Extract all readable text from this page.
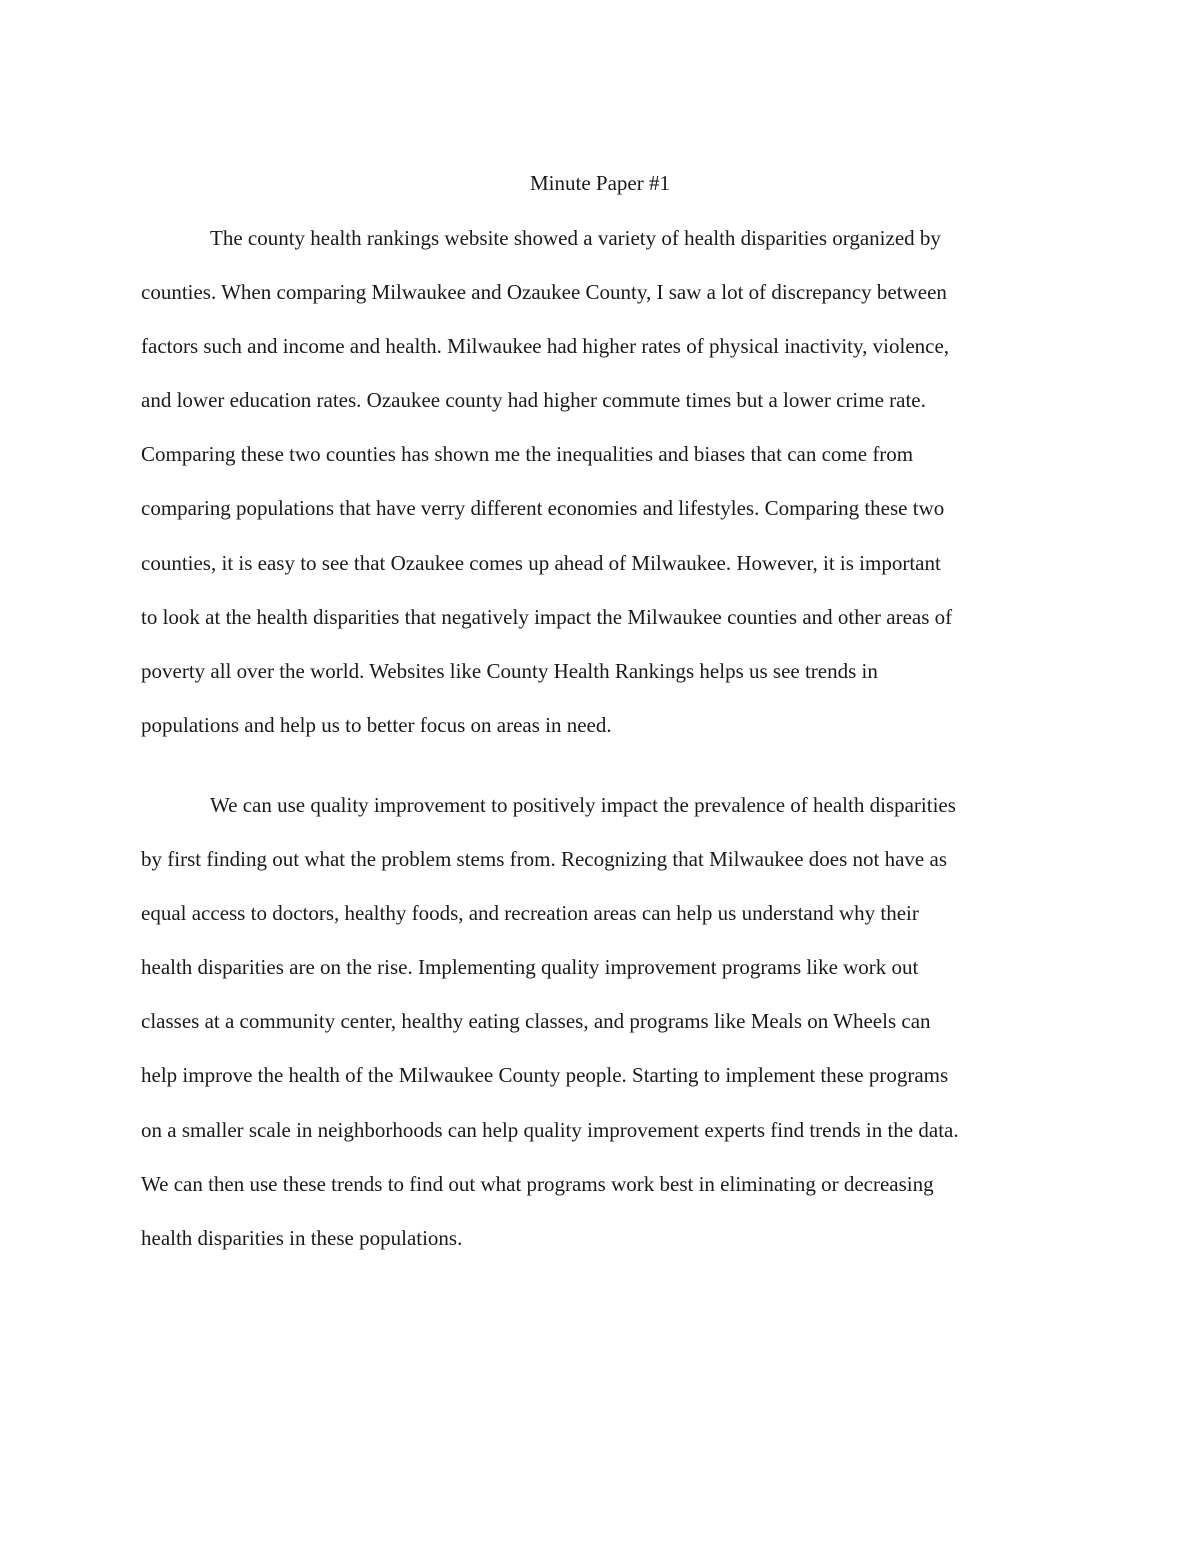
Minute Paper #1

The county health rankings website showed a variety of health disparities organized by
counties. When comparing Milwaukee and Ozaukee County, I saw a lot of discrepancy between
factors such and income and health. Milwaukee had higher rates of physical inactivity, violence,
and lower education rates. Ozaukee county had higher commute times but a lower crime rate.
Comparing these two counties has shown me the inequalities and biases that can come from
comparing populations that have verry different economies and lifestyles. Comparing these two
counties, it is easy to see that Ozaukee comes up ahead of Milwaukee. However, it is important
to look at the health disparities that negatively impact the Milwaukee counties and other areas of
poverty all over the world. Websites like County Health Rankings helps us see trends in
populations and help us to better focus on areas in need.

We can use quality improvement to positively impact the prevalence of health disparities
by first finding out what the problem stems from. Recognizing that Milwaukee does not have as
equal access to doctors, healthy foods, and recreation areas can help us understand why their
health disparities are on the rise. Implementing quality improvement programs like work out
classes at a community center, healthy eating classes, and programs like Meals on Wheels can
help improve the health of the Milwaukee County people. Starting to implement these programs
on a smaller scale in neighborhoods can help quality improvement experts find trends in the data.
We can then use these trends to find out what programs work best in eliminating or decreasing
health disparities in these populations.
